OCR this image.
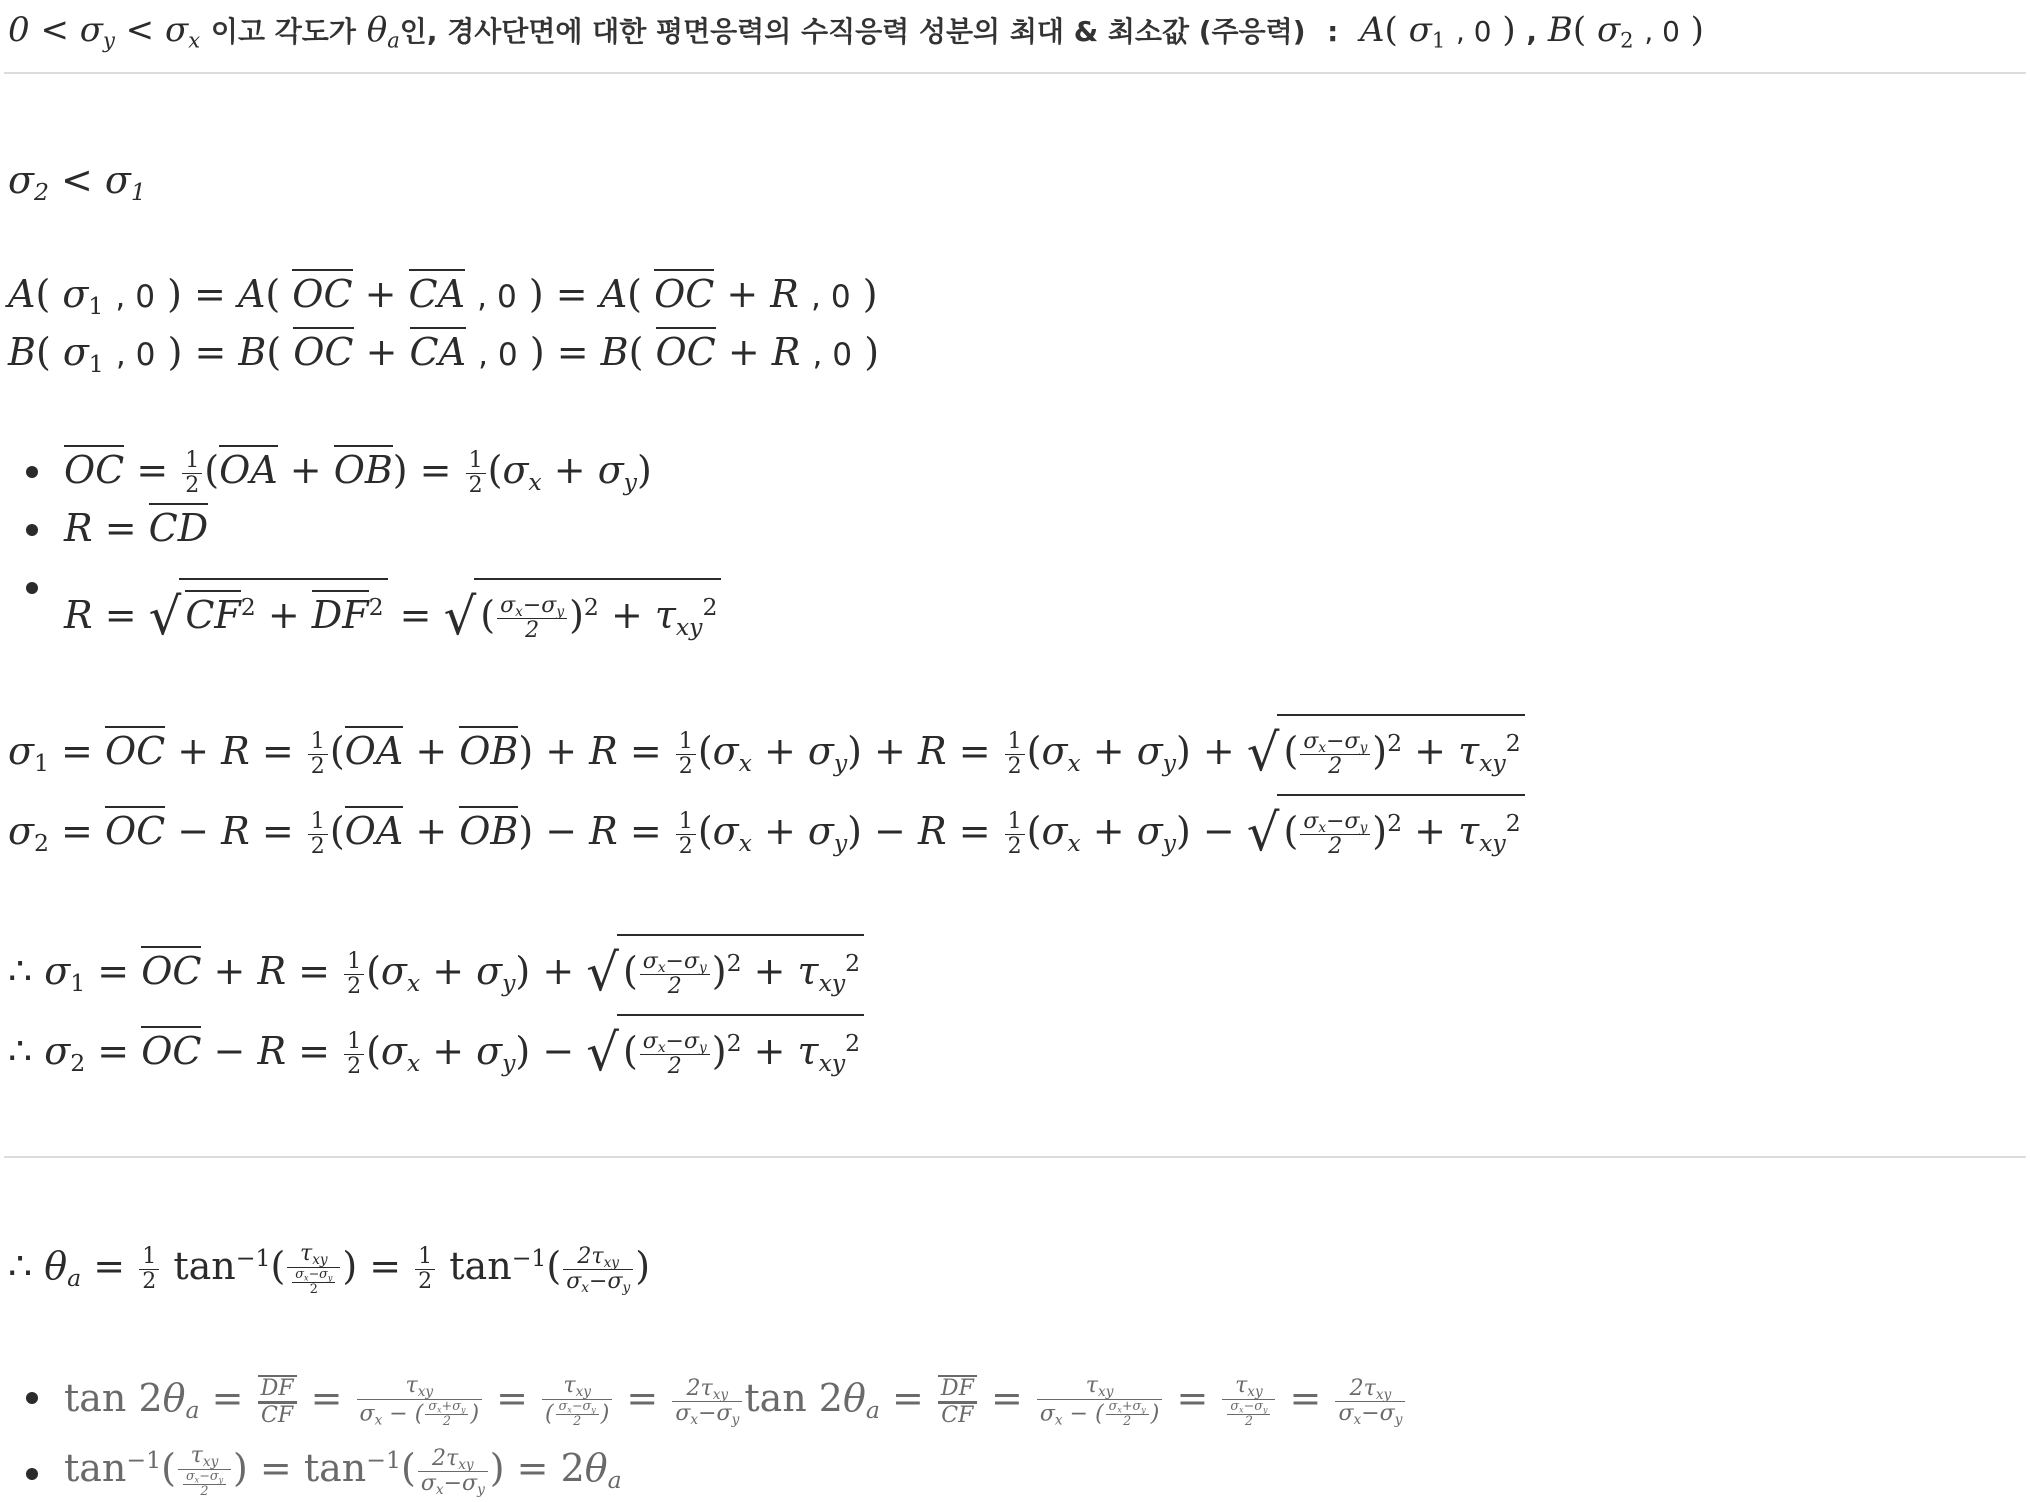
$0 < \sigma_y < \sigma_x$ 이고 각도가 $\theta_a$인, 경사단면에 대한 평면응력의 수직응력 성분의 최대 & 최소값 (주응력) : A( $\sigma_1$ , 0 ) , B( $\sigma_2$ , 0 )
$\sigma_2 < \sigma_1$
A( $\sigma_1$ , 0 ) = A( OC + CA , 0 ) = A( OC + R , 0 )
B( $\sigma_1$ , 0 ) = B( OC + CA , 0 ) = B( OC + R , 0 )
OC = $\frac{1}{2} (OA + OB) = \frac{1}{2} (\sigma_x + \sigma_y)$
R = CD
R = √ $CF^2 + DF^2$ = √ ( $\frac{\sigma_x-\sigma_y}{2} )^2 + \tau_{xy}^2$
$\sigma_1$ = OC + $R = \frac{1}{2} (OA + OB) + R = \frac{1}{2} (\sigma_x + \sigma_y) + R = \frac{1}{2} (\sigma_x + \sigma_y)$ + √ ( $\frac{\sigma_x-\sigma_y}{2} )^2 + \tau_{xy}^2$
$\sigma_2$ = OC − $R = \frac{1}{2} (OA + OB) - R = \frac{1}{2} (\sigma_x + \sigma_y) - R = \frac{1}{2} (\sigma_x + \sigma_y)$ − √ ( $\frac{\sigma_x-\sigma_y}{2} )^2 + \tau_{xy}^2$
∴ $\sigma_1$ = OC + $R = \frac{1}{2} (\sigma_x + \sigma_y)$ + √ ( $\frac{\sigma_x-\sigma_y}{2} )^2 + \tau_{xy}^2$
∴ $\sigma_2$ = OC − $R = \frac{1}{2} (\sigma_x + \sigma_y)$ − √ ( $\frac{\sigma_x-\sigma_y}{2} )^2 + \tau_{xy}^2$
∴ $\theta_a = \frac{1}{2} \tan^{-1}$( $\tau_{xy}$
$\frac{\sigma_x-\sigma_y}{2}$ ) = $\frac{1}{2} \tan^{-1}$( $2\tau_{xy}$
$\sigma_x-\sigma_y$
)
$\tan 2\theta_a = \frac{DF}{CF}$ =	$\tau_{xy}$
$\sigma_x$ − ( $\frac{\sigma_x+\sigma_y}{2}$ ) =	$\tau_{xy}$
( $\frac{\sigma_x-\sigma_y}{2}$ ) = $2\tau_{xy}$
$\sigma_x-\sigma_y$
$\tan 2\theta_a = \frac{DF}{CF}$ =	$\tau_{xy}$
$\sigma_x$ − ( $\frac{\sigma_x+\sigma_y}{2}$ ) = $\tau_{xy}$
$\frac{\sigma_x-\sigma_y}{2} = 2\tau_{xy}$
$\sigma_x-\sigma_y$
$\tan^{-1}$( $\tau_{xy}$
$\frac{\sigma_x-\sigma_y}{2}$ ) = $\tan^{-1}$( $2\tau_{xy}$
$\sigma_x-\sigma_y$
) = $2\theta_a$
